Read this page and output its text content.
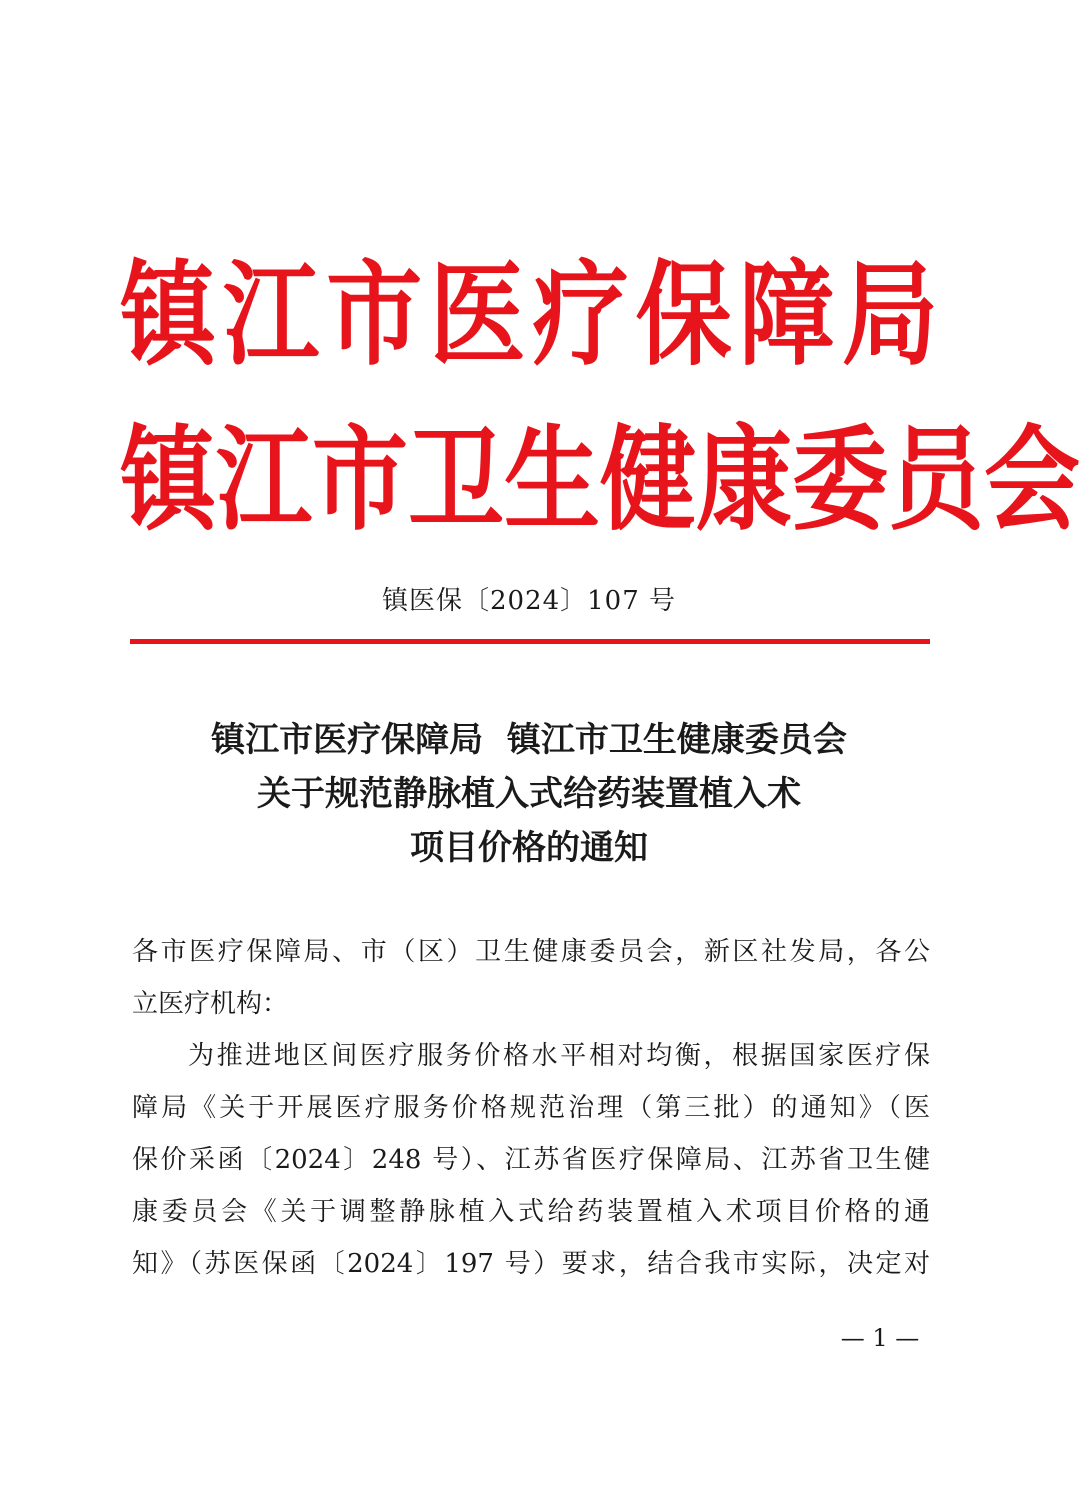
镇 江 市 医 疗 保 障 局
镇 江 市 卫 生 健 康 委 员 会
镇医保〔2024〕107 号
镇江市医疗保障局  镇江市卫生健康委员会
关于规范静脉植入式给药装置植入术
项目价格的通知
各市医疗保障局、市（区）卫生健康委员会，新区社发局，各公
立医疗机构：
为推进地区间医疗服务价格水平相对均衡，根据国家医疗保
障局《关于开展医疗服务价格规范治理（第三批）的通知》（医
保价采函〔2024〕248 号）、江苏省医疗保障局、江苏省卫生健
康委员会《关于调整静脉植入式给药装置植入术项目价格的通
知》（苏医保函〔2024〕197 号）要求，结合我市实际，决定对
— 1 —
